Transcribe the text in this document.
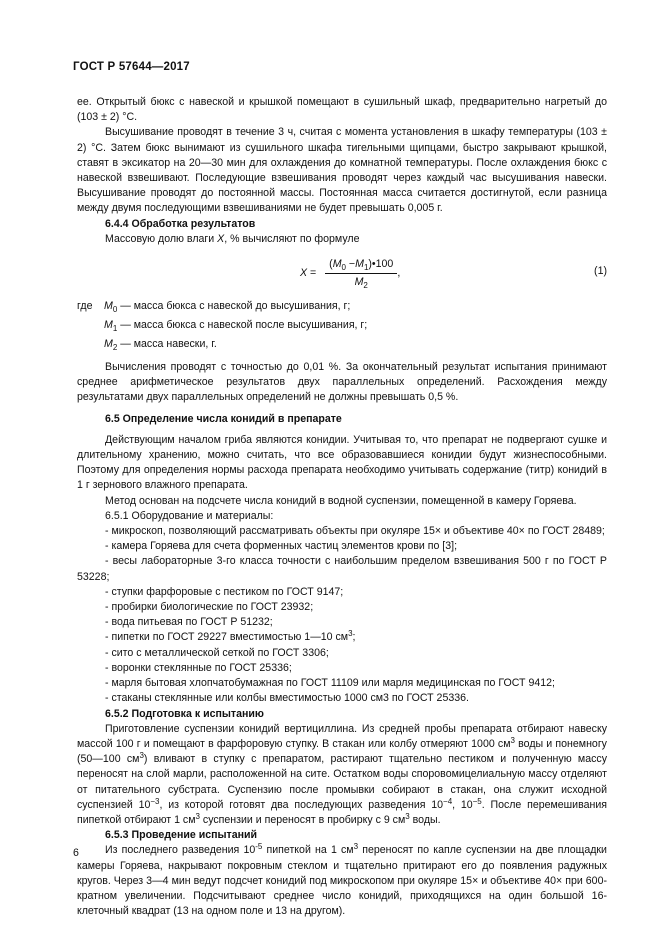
ГОСТ Р 57644—2017

ее. Открытый бюкс с навеской и крышкой помещают в сушильный шкаф, предварительно нагретый до (103 ± 2) °С.

Высушивание проводят в течение 3 ч, считая с момента установления в шкафу температуры (103 ± 2) °С. Затем бюкс вынимают из сушильного шкафа тигельными щипцами, быстро закрывают крышкой, ставят в эксикатор на 20—30 мин для охлаждения до комнатной температуры. После охлаждения бюкс с навеской взвешивают. Последующие взвешивания проводят через каждый час высушивания навески. Высушивание проводят до постоянной массы. Постоянная масса считается достигнутой, если разница между двумя последующими взвешиваниями не будет превышать 0,005 г.

6.4.4 Обработка результатов

Массовую долю влаги X, % вычисляют по формуле

$X = \frac{(M_0 -M_1)•100}{M_2}$ ,	(1)
где $M_0$ — масса бюкса с навеской до высушивания, г;
$M_1$ — масса бюкса с навеской после высушивания, г;
$M_2$ — масса навески, г.

Вычисления проводят с точностью до 0,01 %. За окончательный результат испытания принимают среднее арифметическое результатов двух параллельных определений. Расхождения между результатами двух параллельных определений не должны превышать 0,5 %.

6.5 Определение числа конидий в препарате

Действующим началом гриба являются конидии. Учитывая то, что препарат не подвергают сушке и длительному хранению, можно считать, что все образовавшиеся конидии будут жизнеспособными. Поэтому для определения нормы расхода препарата необходимо учитывать содержание (титр) конидий в 1 г зернового влажного препарата.

Метод основан на подсчете числа конидий в водной суспензии, помещенной в камеру Горяева.

6.5.1 Оборудование и материалы:

- микроскоп, позволяющий рассматривать объекты при окуляре 15× и объективе 40× по ГОСТ 28489;

- камера Горяева для счета форменных частиц элементов крови по [3];

- весы лабораторные 3-го класса точности с наибольшим пределом взвешивания 500 г по ГОСТ Р 53228;

- ступки фарфоровые с пестиком по ГОСТ 9147;

- пробирки биологические по ГОСТ 23932;

- вода питьевая по ГОСТ Р 51232;

- пипетки по ГОСТ 29227 вместимостью 1—10 $см^3$;

- сито с металлической сеткой по ГОСТ 3306;

- воронки стеклянные по ГОСТ 25336;

- марля бытовая хлопчатобумажная по ГОСТ 11109 или марля медицинская по ГОСТ 9412;

- стаканы стеклянные или колбы вместимостью 1000 см3 по ГОСТ 25336.

6.5.2 Подготовка к испытанию

Приготовление суспензии конидий вертициллина. Из средней пробы препарата отбирают навеску массой 100 г и помещают в фарфоровую ступку. В стакан или колбу отмеряют 1000 $см^3$ воды и понемногу (50—100 $см^3$) вливают в ступку с препаратом, растирают тщательно пестиком и полученную массу переносят на слой марли, расположенной на сите. Остатком воды споровомицелиальную массу отделяют от питательного субстрата. Суспензию после промывки собирают в стакан, она служит исходной суспензией $10^{-3}$, из которой готовят два последующих разведения $10^{-4}$, $10^{-5}$. После перемешивания пипеткой отбирают 1 $см^3$ суспензии и переносят в пробирку с 9 $см^3$ воды.

6.5.3 Проведение испытаний

Из последнего разведения $10^{-5}$ пипеткой на 1 $см^3$ переносят по капле суспензии на две площадки камеры Горяева, накрывают покровным стеклом и тщательно притирают его до появления радужных кругов. Через 3—4 мин ведут подсчет конидий под микроскопом при окуляре 15× и объективе 40× при 600-кратном увеличении. Подсчитывают среднее число конидий, приходящихся на один большой 16-клеточный квадрат (13 на одном поле и 13 на другом).

6
